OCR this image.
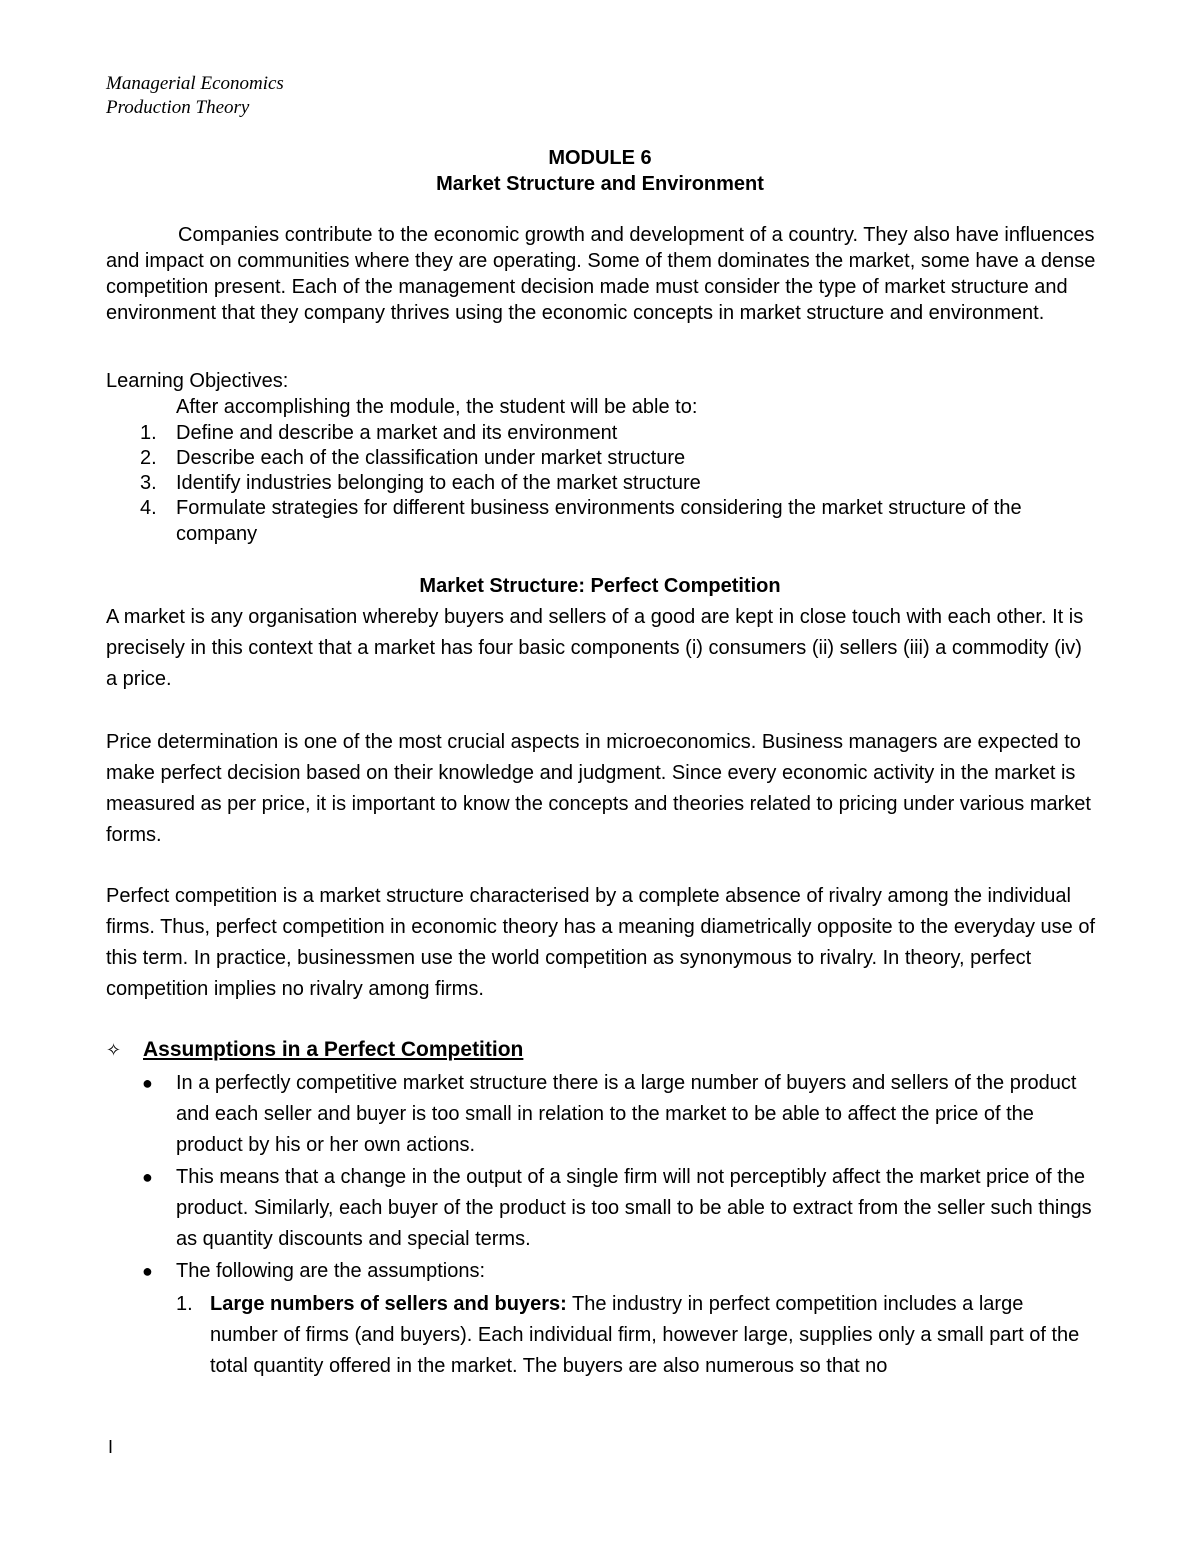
Managerial Economics
Production Theory
MODULE 6
Market Structure and Environment
Companies contribute to the economic growth and development of a country. They also have influences and impact on communities where they are operating. Some of them dominates the market, some have a dense competition present. Each of the management decision made must consider the type of market structure and environment that they company thrives using the economic concepts in market structure and environment.
Learning Objectives:
After accomplishing the module, the student will be able to:
1. Define and describe a market and its environment
2. Describe each of the classification under market structure
3. Identify industries belonging to each of the market structure
4. Formulate strategies for different business environments considering the market structure of the company
Market Structure: Perfect Competition
A market is any organisation whereby buyers and sellers of a good are kept in close touch with each other. It is precisely in this context that a market has four basic components (i) consumers (ii) sellers (iii) a commodity (iv) a price.
Price determination is one of the most crucial aspects in microeconomics. Business managers are expected to make perfect decision based on their knowledge and judgment. Since every economic activity in the market is measured as per price, it is important to know the concepts and theories related to pricing under various market forms.
Perfect competition is a market structure characterised by a complete absence of rivalry among the individual firms. Thus, perfect competition in economic theory has a meaning diametrically opposite to the everyday use of this term. In practice, businessmen use the world competition as synonymous to rivalry. In theory, perfect competition implies no rivalry among firms.
✧ Assumptions in a Perfect Competition
● In a perfectly competitive market structure there is a large number of buyers and sellers of the product and each seller and buyer is too small in relation to the market to be able to affect the price of the product by his or her own actions.
● This means that a change in the output of a single firm will not perceptibly affect the market price of the product. Similarly, each buyer of the product is too small to be able to extract from the seller such things as quantity discounts and special terms.
● The following are the assumptions:
1. Large numbers of sellers and buyers: The industry in perfect competition includes a large number of firms (and buyers). Each individual firm, however large, supplies only a small part of the total quantity offered in the market. The buyers are also numerous so that no
I
